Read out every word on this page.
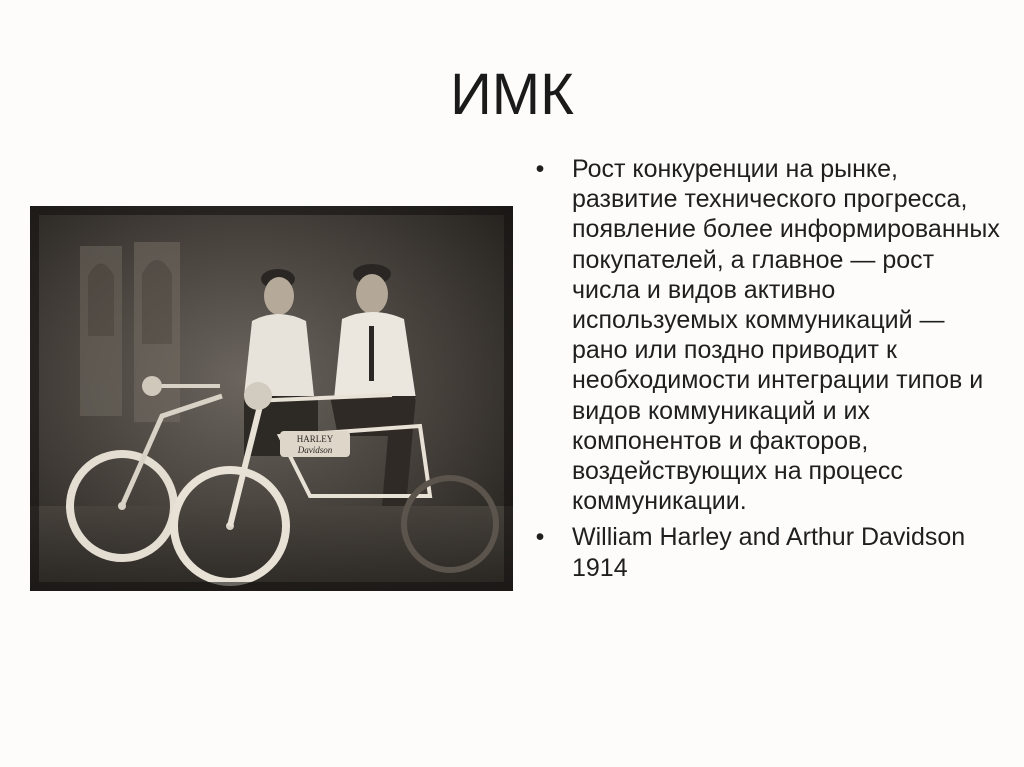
ИМК
HARLEY
Davidson
• Рост конкуренции на рынке, развитие технического прогресса, появление более информированных покупателей, а главное — рост числа и видов активно используемых коммуникаций — рано или поздно приводит к необходимости интеграции типов и видов коммуникаций и их компонентов и факторов, воздействующих на процесс коммуникации.
• William Harley and Arthur Davidson 1914
